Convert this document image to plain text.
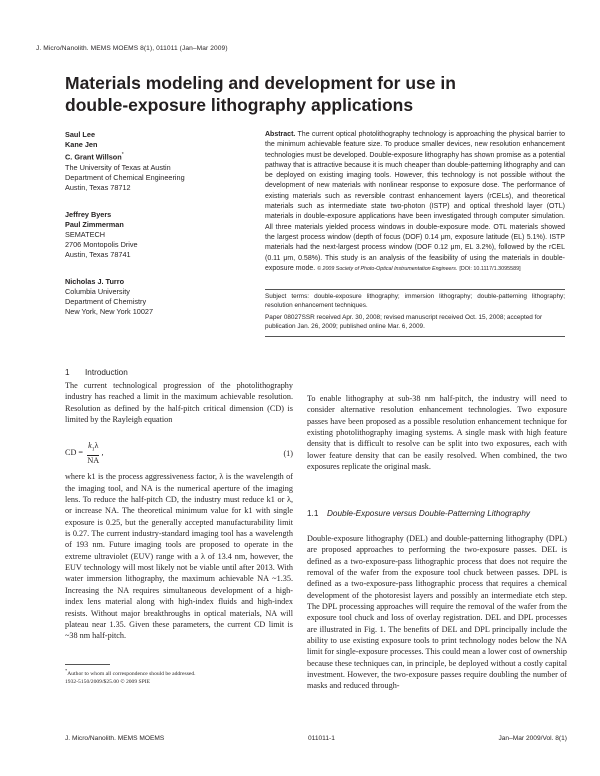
J. Micro/Nanolith. MEMS MOEMS 8(1), 011011 (Jan–Mar 2009)
Materials modeling and development for use in
double-exposure lithography applications
Saul Lee
Kane Jen
C. Grant Willson*
The University of Texas at Austin
Department of Chemical Engineering
Austin, Texas 78712
Jeffrey Byers
Paul Zimmerman
SEMATECH
2706 Montopolis Drive
Austin, Texas 78741
Nicholas J. Turro
Columbia University
Department of Chemistry
New York, New York 10027
Abstract. The current optical photolithography technology is approaching the physical barrier to the minimum achievable feature size. To produce smaller devices, new resolution enhancement technologies must be developed. Double-exposure lithography has shown promise as a potential pathway that is attractive because it is much cheaper than double-patterning lithography and can be deployed on existing imaging tools. However, this technology is not possible without the development of new materials with nonlinear response to exposure dose. The performance of existing materials such as reversible contrast enhancement layers (rCELs), and theoretical materials such as intermediate state two-photon (ISTP) and optical threshold layer (OTL) materials in double-exposure applications have been investigated through computer simulation. All three materials yielded process windows in double-exposure mode. OTL materials showed the largest process window (depth of focus (DOF) 0.14 μm, exposure latitude (EL) 5.1%). ISTP materials had the next-largest process window (DOF 0.12 μm, EL 3.2%), followed by the rCEL (0.11 μm, 0.58%). This study is an analysis of the feasibility of using the materials in double-exposure mode. © 2009 Society of Photo-Optical Instrumentation Engineers. [DOI: 10.1117/1.3095589]
Subject terms: double-exposure lithography; immersion lithography; double-patterning lithography; resolution enhancement techniques.
Paper 08027SSR received Apr. 30, 2008; revised manuscript received Oct. 15, 2008; accepted for publication Jan. 26, 2009; published online Mar. 6, 2009.
1 Introduction

The current technological progression of the photolithography industry has reached a limit in the maximum achievable resolution. Resolution as defined by the half-pitch critical dimension (CD) is limited by the Rayleigh equation

CD = $\frac{k_1\lambda}{NA}$ ,	(1)

where k1 is the process aggressiveness factor, λ is the wavelength of the imaging tool, and NA is the numerical aperture of the imaging lens. To reduce the half-pitch CD, the industry must reduce k1 or λ, or increase NA. The theoretical minimum value for k1 with single exposure is 0.25, but the generally accepted manufacturability limit is 0.27. The current industry-standard imaging tool has a wavelength of 193 nm. Future imaging tools are proposed to operate in the extreme ultraviolet (EUV) range with a λ of 13.4 nm, however, the EUV technology will most likely not be viable until after 2013. With water immersion lithography, the maximum achievable NA ~1.35. Increasing the NA requires simultaneous development of a high-index lens material along with high-index fluids and high-index resists. Without major breakthroughs in optical materials, NA will plateau near 1.35. Given these parameters, the current CD limit is ~38 nm half-pitch.

To enable lithography at sub-38 nm half-pitch, the industry will need to consider alternative resolution enhancement technologies. Two exposure passes have been proposed as a possible resolution enhancement technique for existing photolithography imaging systems. A single mask with high feature density that is difficult to resolve can be split into two exposures, each with lower feature density that can be easily resolved. When combined, the two exposures replicate the original mask.

1.1 Double-Exposure versus Double-Patterning Lithography

Double-exposure lithography (DEL) and double-patterning lithography (DPL) are proposed approaches to performing the two-exposure passes. DEL is defined as a two-exposure-pass lithographic process that does not require the removal of the wafer from the exposure tool chuck between passes. DPL is defined as a two-exposure-pass lithographic process that requires a chemical development of the photoresist layers and possibly an intermediate etch step. The DPL processing approaches will require the removal of the wafer from the exposure tool chuck and loss of overlay registration. DEL and DPL processes are illustrated in Fig. 1. The benefits of DEL and DPL principally include the ability to use existing exposure tools to print technology nodes below the NA limit for single-exposure processes. This could mean a lower cost of ownership because these techniques can, in principle, be deployed without a costly capital investment. However, the two-exposure passes require doubling the number of masks and reduced through-

*Author to whom all correspondence should be addressed.
1932-5150/2009/$25.00 © 2009 SPIE
J. Micro/Nanolith. MEMS MOEMS	011011-1	Jan–Mar 2009/Vol. 8(1)
